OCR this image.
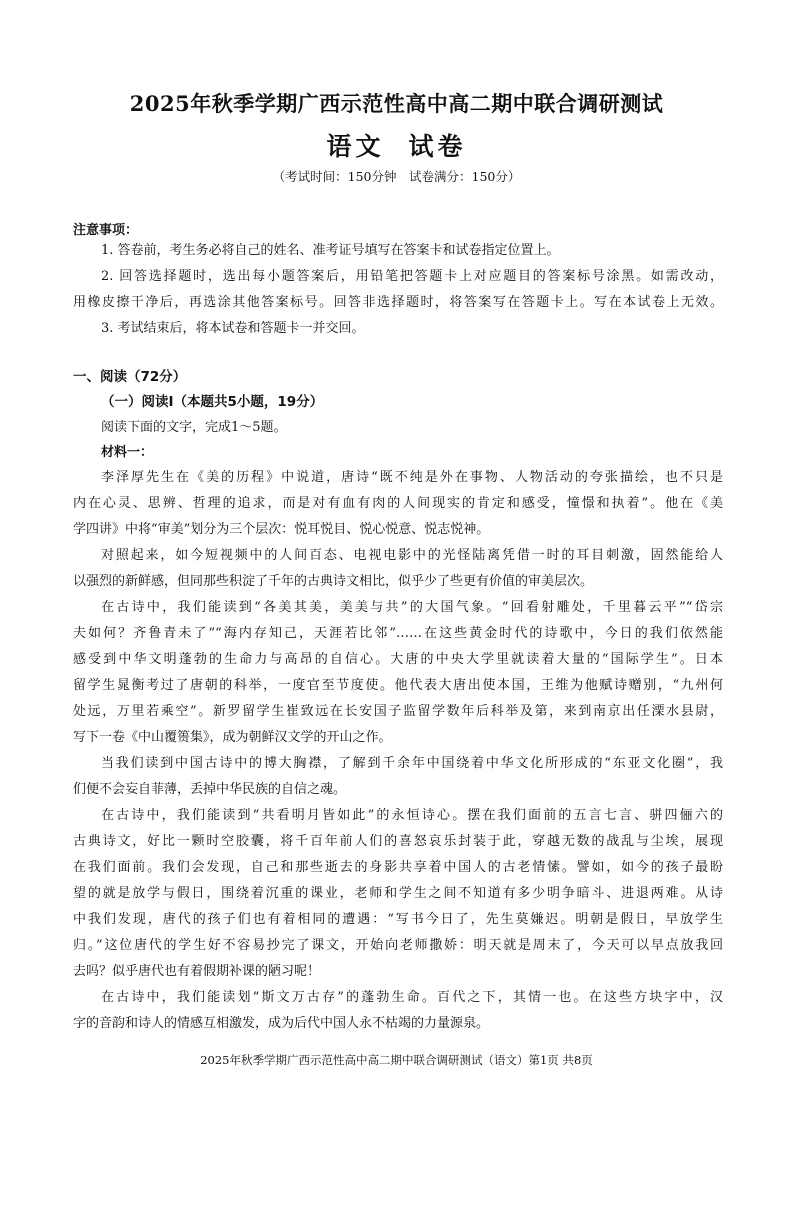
2025年秋季学期广西示范性高中高二期中联合调研测试
语文 试卷
（考试时间：150分钟　试卷满分：150分）
注意事项：
1. 答卷前，考生务必将自己的姓名、准考证号填写在答案卡和试卷指定位置上。
2. 回答选择题时，选出每小题答案后，用铅笔把答题卡上对应题目的答案标号涂黑。如需改动，
用橡皮擦干净后，再选涂其他答案标号。回答非选择题时，将答案写在答题卡上。写在本试卷上无效。
3. 考试结束后，将本试卷和答题卡一并交回。
一、阅读（72分）
（一）阅读Ⅰ（本题共5小题，19分）
阅读下面的文字，完成1～5题。
材料一：
李泽厚先生在《美的历程》中说道，唐诗“既不纯是外在事物、人物活动的夸张描绘，也不只是
内在心灵、思辨、哲理的追求，而是对有血有肉的人间现实的肯定和感受，憧憬和执着”。他在《美
学四讲》中将“审美”划分为三个层次：悦耳悦目、悦心悦意、悦志悦神。
对照起来，如今短视频中的人间百态、电视电影中的光怪陆离凭借一时的耳目刺激，固然能给人
以强烈的新鲜感，但同那些积淀了千年的古典诗文相比，似乎少了些更有价值的审美层次。
在古诗中，我们能读到“各美其美，美美与共”的大国气象。“回看射雕处，千里暮云平”“岱宗
夫如何？齐鲁青未了”“海内存知己，天涯若比邻”……在这些黄金时代的诗歌中，今日的我们依然能
感受到中华文明蓬勃的生命力与高昂的自信心。大唐的中央大学里就读着大量的“国际学生”。日本
留学生晁衡考过了唐朝的科举，一度官至节度使。他代表大唐出使本国，王维为他赋诗赠别，“九州何
处远，万里若乘空”。新罗留学生崔致远在长安国子监留学数年后科举及第，来到南京出任溧水县尉，
写下一卷《中山覆篑集》，成为朝鲜汉文学的开山之作。
当我们读到中国古诗中的博大胸襟，了解到千余年中国绕着中华文化所形成的“东亚文化圈”，我
们便不会妄自菲薄，丢掉中华民族的自信之魂。
在古诗中，我们能读到“共看明月皆如此”的永恒诗心。摆在我们面前的五言七言、骈四俪六的
古典诗文，好比一颗时空胶囊，将千百年前人们的喜怒哀乐封装于此，穿越无数的战乱与尘埃，展现
在我们面前。我们会发现，自己和那些逝去的身影共享着中国人的古老情愫。譬如，如今的孩子最盼
望的就是放学与假日，围绕着沉重的课业，老师和学生之间不知道有多少明争暗斗、进退两难。从诗
中我们发现，唐代的孩子们也有着相同的遭遇：“写书今日了，先生莫嫌迟。明朝是假日，早放学生
归。”这位唐代的学生好不容易抄完了课文，开始向老师撒娇：明天就是周末了，今天可以早点放我回
去吗？似乎唐代也有着假期补课的陋习呢！
在古诗中，我们能读划“斯文万古存”的蓬勃生命。百代之下，其情一也。在这些方块字中，汉
字的音韵和诗人的情感互相激发，成为后代中国人永不枯竭的力量源泉。
2025年秋季学期广西示范性高中高二期中联合调研测试（语文）第1页 共8页
